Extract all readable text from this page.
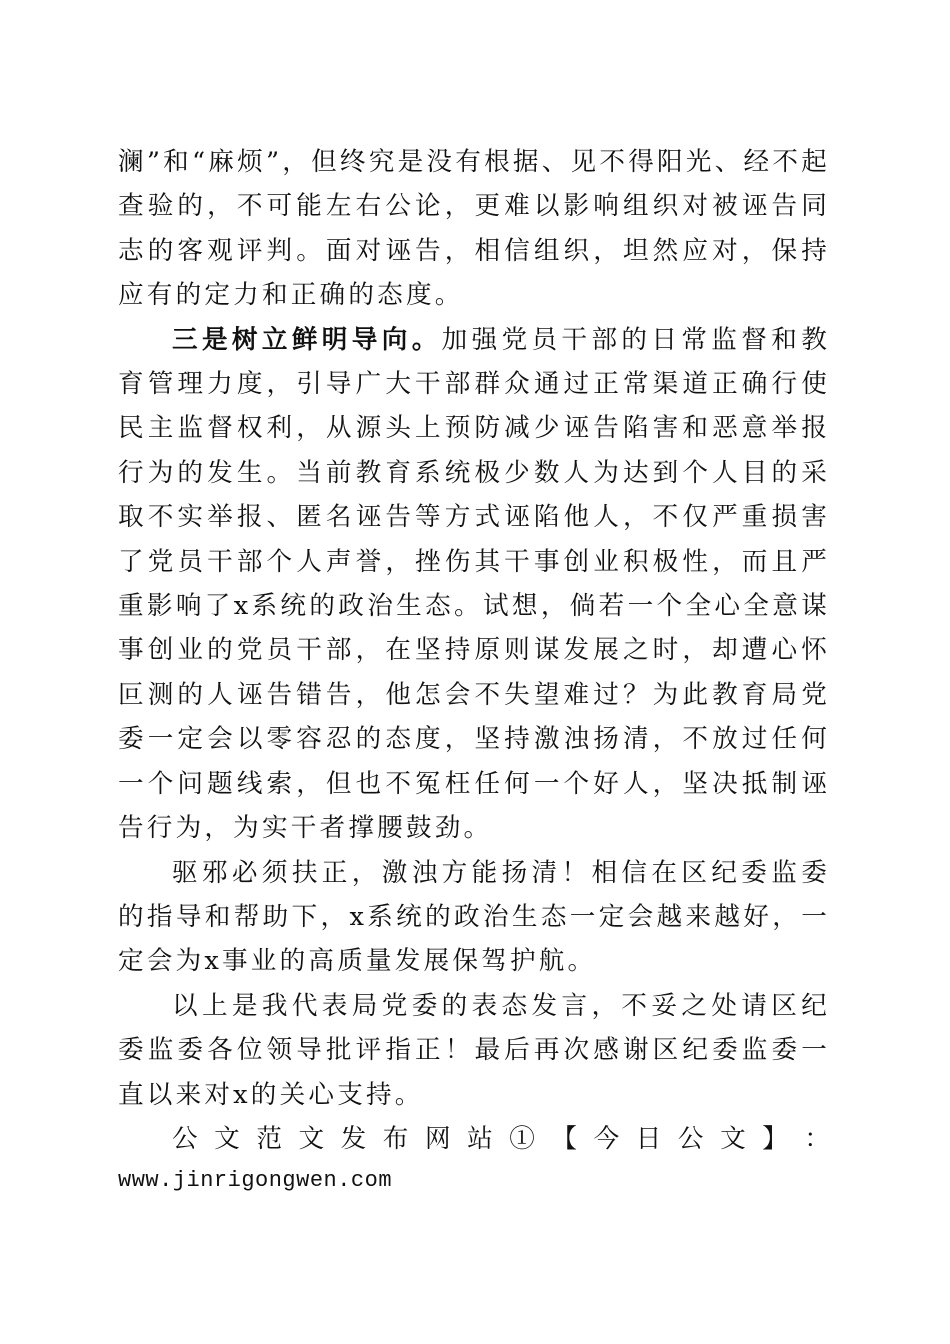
澜”和“麻烦”，但终究是没有根据、见不得阳光、经不起查验的，不可能左右公论，更难以影响组织对被诬告同志的客观评判。面对诬告，相信组织，坦然应对，保持应有的定力和正确的态度。

三是树立鲜明导向。加强党员干部的日常监督和教育管理力度，引导广大干部群众通过正常渠道正确行使民主监督权利，从源头上预防减少诬告陷害和恶意举报行为的发生。当前教育系统极少数人为达到个人目的采取不实举报、匿名诬告等方式诬陷他人，不仅严重损害了党员干部个人声誉，挫伤其干事创业积极性，而且严重影响了x系统的政治生态。试想，倘若一个全心全意谋事创业的党员干部，在坚持原则谋发展之时，却遭心怀叵测的人诬告错告，他怎会不失望难过？为此教育局党委一定会以零容忍的态度，坚持激浊扬清，不放过任何一个问题线索，但也不冤枉任何一个好人，坚决抵制诬告行为，为实干者撑腰鼓劲。

驱邪必须扶正，激浊方能扬清！相信在区纪委监委的指导和帮助下，x系统的政治生态一定会越来越好，一定会为x事业的高质量发展保驾护航。

以上是我代表局党委的表态发言，不妥之处请区纪委监委各位领导批评指正！最后再次感谢区纪委监委一直以来对x的关心支持。

公 文 范 文 发 布 网 站 ① 【 今 日 公 文 】 ：

www.jinrigongwen.com
